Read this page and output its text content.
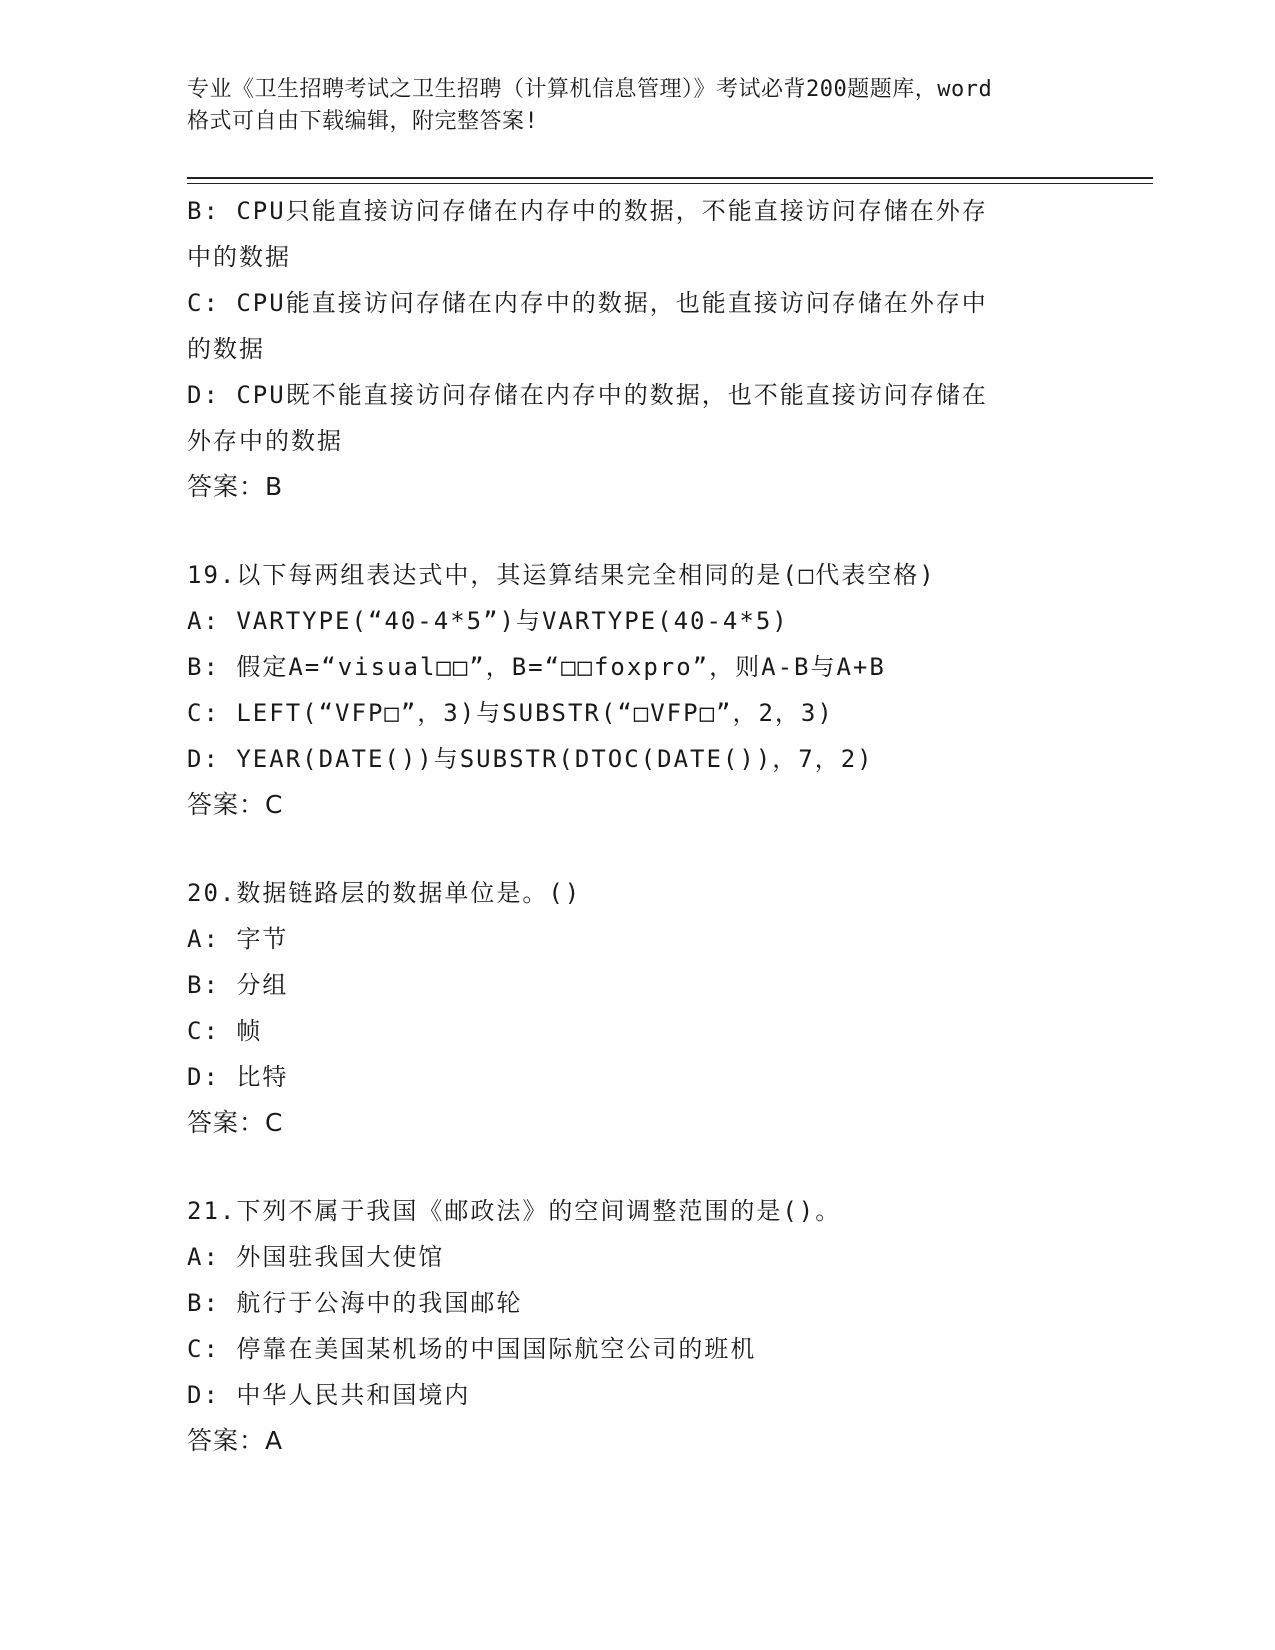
专业《卫生招聘考试之卫生招聘（计算机信息管理）》考试必背200题题库，word
格式可自由下载编辑，附完整答案!
B: CPU只能直接访问存储在内存中的数据，不能直接访问存储在外存
中的数据
C: CPU能直接访问存储在内存中的数据，也能直接访问存储在外存中
的数据
D: CPU既不能直接访问存储在内存中的数据，也不能直接访问存储在
外存中的数据
答案：B
19.以下每两组表达式中，其运算结果完全相同的是(□代表空格)
A: VARTYPE(“40-4*5”)与VARTYPE(40-4*5)
B: 假定A=“visual□□”，B=“□□foxpro”，则A-B与A+B
C: LEFT(“VFP□”，3)与SUBSTR(“□VFP□”，2，3)
D: YEAR(DATE())与SUBSTR(DTOC(DATE())，7，2)
答案：C
20.数据链路层的数据单位是。()
A: 字节
B: 分组
C: 帧
D: 比特
答案：C
21.下列不属于我国《邮政法》的空间调整范围的是()。
A: 外国驻我国大使馆
B: 航行于公海中的我国邮轮
C: 停靠在美国某机场的中国国际航空公司的班机
D: 中华人民共和国境内
答案：A
